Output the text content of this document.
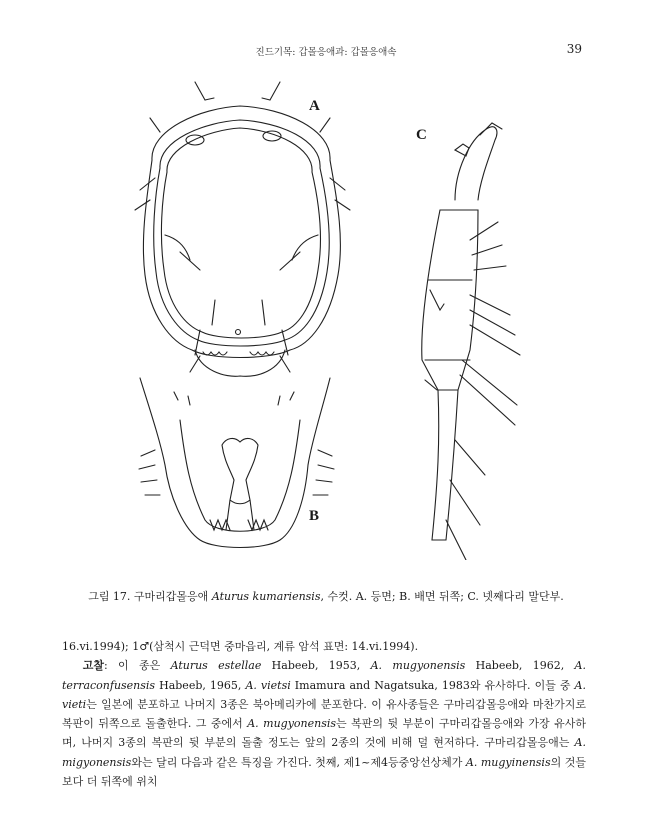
진드기목: 갑몰응애과: 갑몰응애속	39
A
B
C
그림 17. 구마리갑몰응애 Aturus kumariensis, 수컷. A. 등면; B. 배면 뒤쪽; C. 넷째다리 말단부.

16.vi.1994); 1♂(삼척시 근덕면 중마읍리, 계류 암석 표면: 14.vi.1994).

고찰: 이 종은 Aturus estellae Habeeb, 1953, A. mugyonensis Habeeb, 1962, A. terraconfusensis Habeeb, 1965, A. vietsi Imamura and Nagatsuka, 1983와 유사하다. 이들 중 A. vieti는 일본에 분포하고 나머지 3종은 북아메리카에 분포한다. 이 유사종들은 구마리갑몰응애와 마찬가지로 복판이 뒤쪽으로 돌출한다. 그 중에서 A. mugyonensis는 복판의 뒷 부분이 구마리갑몰응애와 가장 유사하며, 나머지 3종의 복판의 뒷 부분의 돌출 정도는 앞의 2종의 것에 비해 덜 현저하다. 구마리갑몰응애는 A. migyonensis와는 달리 다음과 같은 특징을 가진다. 첫째, 제1~제4등중앙선상체가 A. mugyinensis의 것들보다 더 뒤쪽에 위치
